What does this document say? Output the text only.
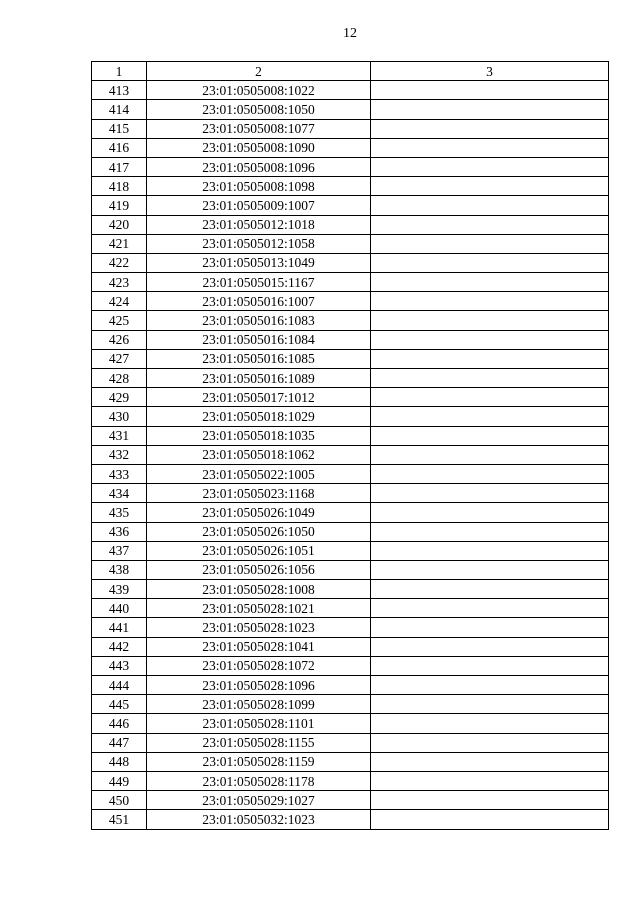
12
1	2	3
413	23:01:0505008:1022	
414	23:01:0505008:1050	
415	23:01:0505008:1077	
416	23:01:0505008:1090	
417	23:01:0505008:1096	
418	23:01:0505008:1098	
419	23:01:0505009:1007	
420	23:01:0505012:1018	
421	23:01:0505012:1058	
422	23:01:0505013:1049	
423	23:01:0505015:1167	
424	23:01:0505016:1007	
425	23:01:0505016:1083	
426	23:01:0505016:1084	
427	23:01:0505016:1085	
428	23:01:0505016:1089	
429	23:01:0505017:1012	
430	23:01:0505018:1029	
431	23:01:0505018:1035	
432	23:01:0505018:1062	
433	23:01:0505022:1005	
434	23:01:0505023:1168	
435	23:01:0505026:1049	
436	23:01:0505026:1050	
437	23:01:0505026:1051	
438	23:01:0505026:1056	
439	23:01:0505028:1008	
440	23:01:0505028:1021	
441	23:01:0505028:1023	
442	23:01:0505028:1041	
443	23:01:0505028:1072	
444	23:01:0505028:1096	
445	23:01:0505028:1099	
446	23:01:0505028:1101	
447	23:01:0505028:1155	
448	23:01:0505028:1159	
449	23:01:0505028:1178	
450	23:01:0505029:1027	
451	23:01:0505032:1023	
